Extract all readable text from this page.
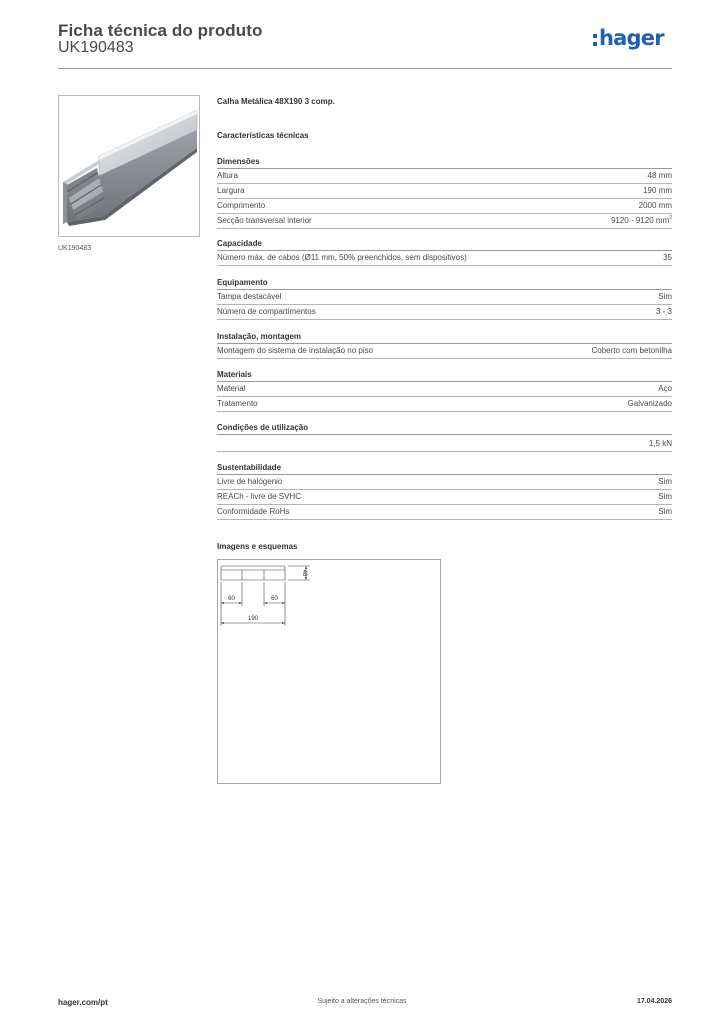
Ficha técnica do produto
UK190483	hager
UK190483
Calha Metálica 48X190 3 comp.
Características técnicas
Dimensões
Altura	48 mm
Largura	190 mm
Comprimento	2000 mm
Secção transversal interior	9120 - 9120 $mm^2$
Capacidade
Número máx. de cabos (Ø11 mm, 50% preenchidos, sem dispositivos)	35
Equipamento
Tampa destacável	Sim
Número de compartimentos	3 - 3
Instalação, montagem
Montagem do sistema de instalação no piso	Coberto com betonilha
Materiais
Material	Aço
Tratamento	Galvanizado
Condições de utilização
1,5 kN
Sustentabilidade
Livre de halógenio	Sim
REACh - livre de SVHC	Sim
Conformidade RoHs	Sim
Imagens e esquemas
48
60	60
190
hager.com/pt	Sujeito a alterações técnicas	17.04.2026
